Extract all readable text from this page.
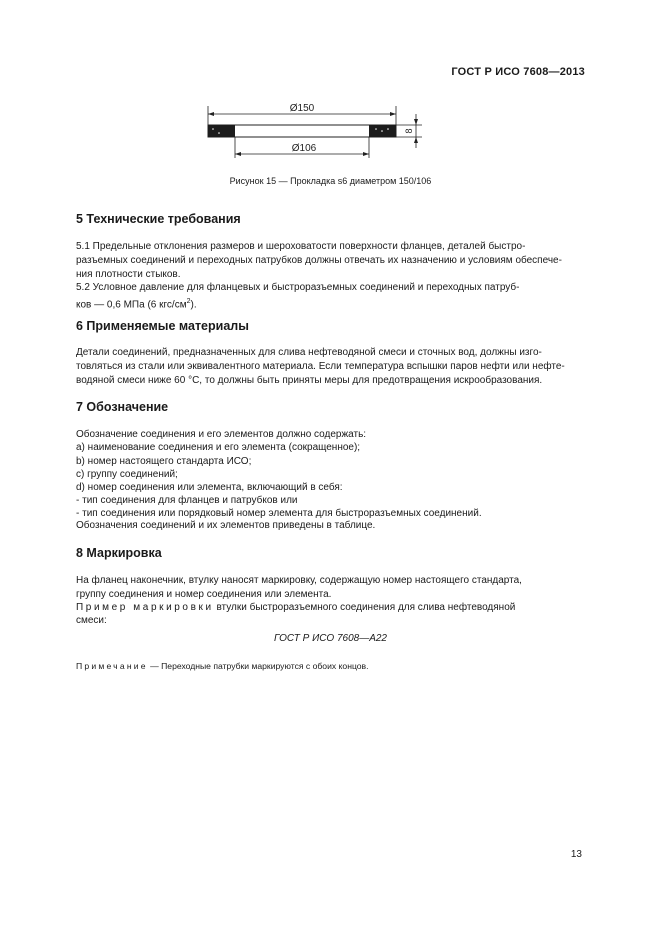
ГОСТ Р ИСО 7608—2013
Ø150
8
Ø106
Рисунок 15 — Прокладка s6 диаметром 150/106
5 Технические требования
5.1 Предельные отклонения размеров и шероховатости поверхности фланцев, деталей быстро-
разъемных соединений и переходных патрубков должны отвечать их назначению и условиям обеспече-
ния плотности стыков.
5.2 Условное давление для фланцевых и быстроразъемных соединений и переходных патруб-
ков — 0,6 МПа (6 кгс/$см^2$).
6 Применяемые материалы
Детали соединений, предназначенных для слива нефтеводяной смеси и сточных вод, должны изго-
товляться из стали или эквивалентного материала. Если температура вспышки паров нефти или нефте-
водяной смеси ниже 60 °С, то должны быть приняты меры для предотвращения искрообразования.
7 Обозначение
Обозначение соединения и его элементов должно содержать:
а) наименование соединения и его элемента (сокращенное);
b) номер настоящего стандарта ИСО;
с) группу соединений;
d) номер соединения или элемента, включающий в себя:
- тип соединения для фланцев и патрубков или
- тип соединения или порядковый номер элемента для быстроразъемных соединений.
Обозначения соединений и их элементов приведены в таблице.
8 Маркировка
На фланец наконечник, втулку наносят маркировку, содержащую номер настоящего стандарта,
группу соединения и номер соединения или элемента.
Пример маркировки втулки быстроразъемного соединения для слива нефтеводяной
смеси:
ГОСТ Р ИСО 7608—А22
Примечание — Переходные патрубки маркируются с обоих концов.
13
